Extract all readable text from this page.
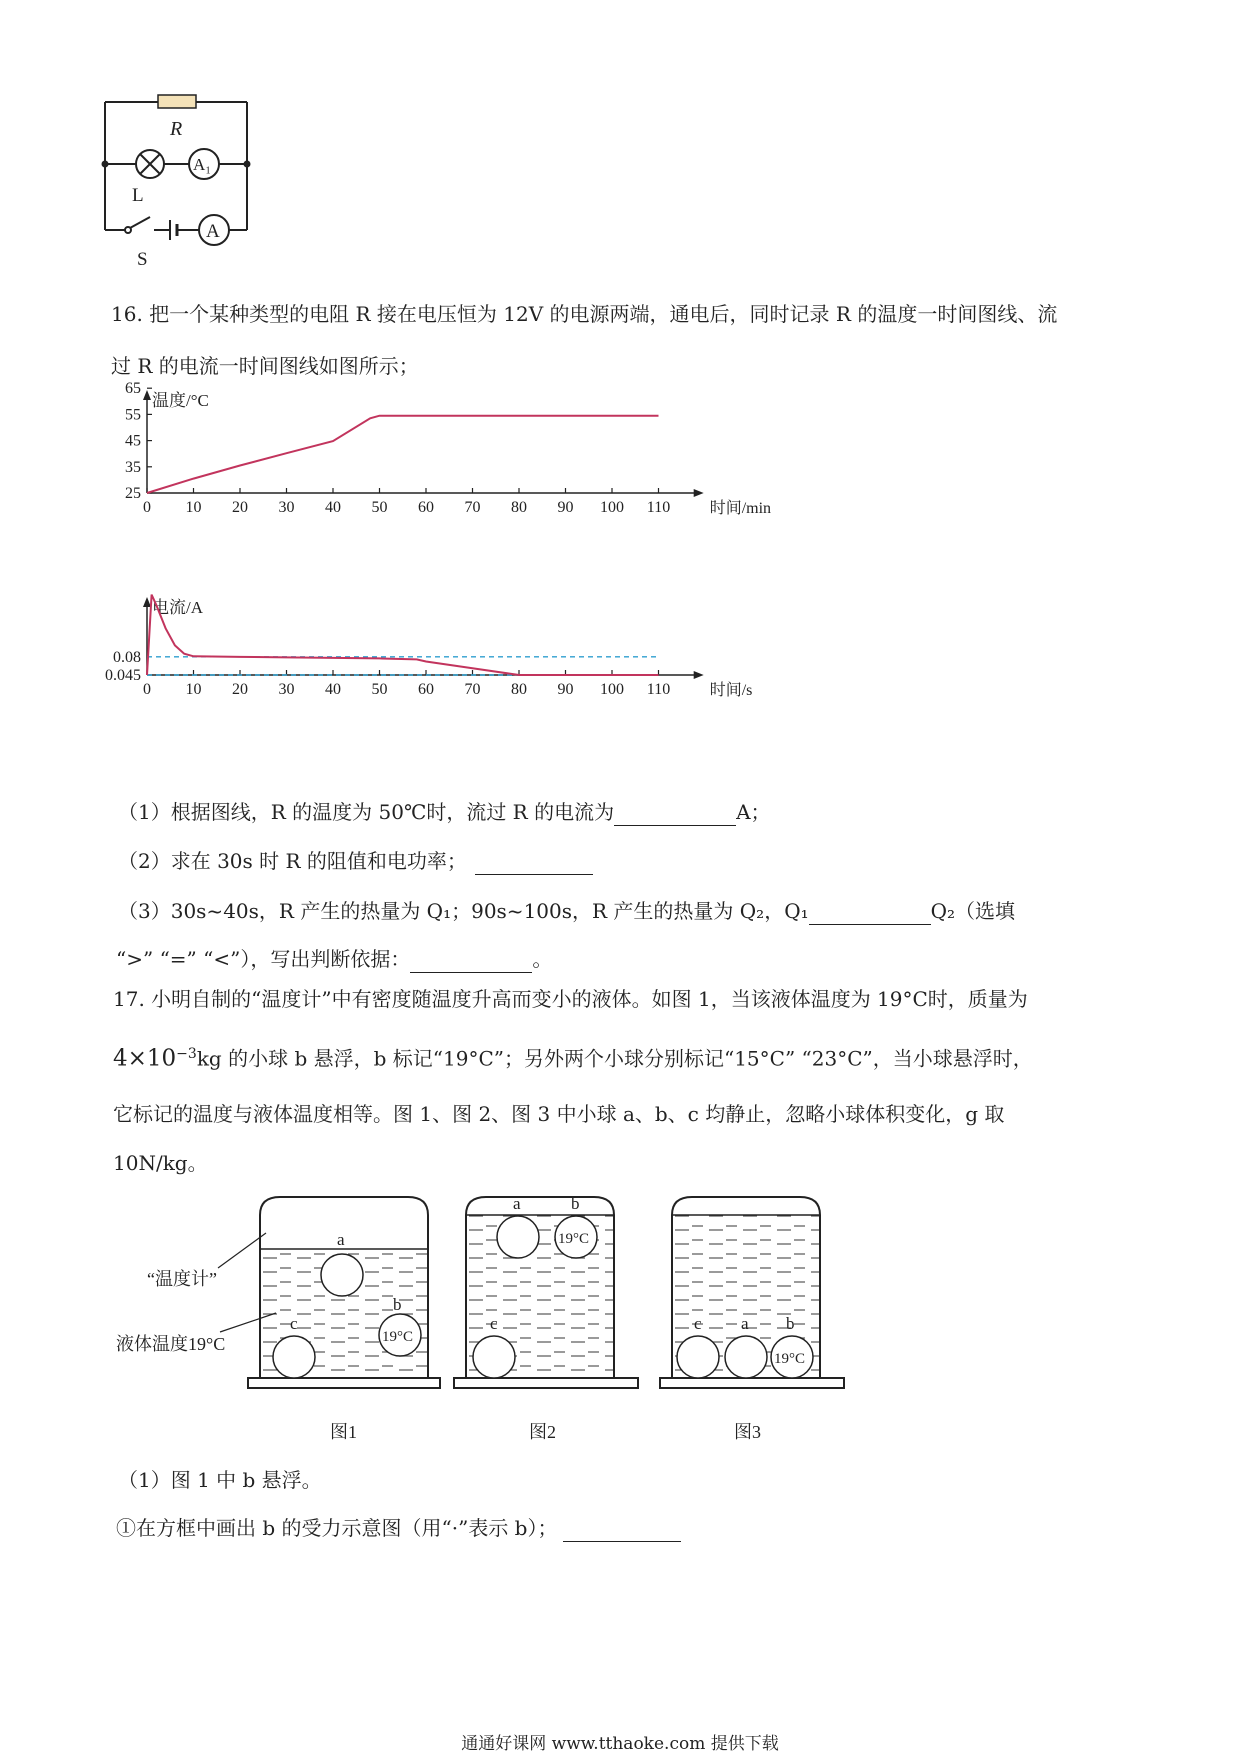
R
L
A₁
A
S
16. 把一个某种类型的电阻 R 接在电压恒为 12V 的电源两端，通电后，同时记录 R 的温度一时间图线、流
过 R 的电流一时间图线如图所示；
0 10 20 30 40 50 60 70 80 90 100 110 时间/min
温度/°C
25
35
45
55
65
0 10 20 30 40 50 60 70 80 90 100 110 时间/s
电流/A
0.08
0.045
（1）根据图线，R 的温度为 50℃时，流过 R 的电流为	A；
（2）求在 30s 时 R 的阻值和电功率；
（3）30s~40s，R 产生的热量为 Q₁；90s~100s，R 产生的热量为 Q₂，Q₁	Q₂（选填
“>” “=” “<”），写出判断依据：	。
17. 小明自制的“温度计”中有密度随温度升高而变小的液体。如图 1，当该液体温度为 19°C时，质量为
$4\times 10^{-3}kg$ 的小球 b 悬浮，b 标记“19°C”；另外两个小球分别标记“15°C” “23°C”，当小球悬浮时，
它标记的温度与液体温度相等。图 1、图 2、图 3 中小球 a、b、c 均静止，忽略小球体积变化，g 取
10N/kg。
a
b
19°C
c
图1
“温度计”
液体温度19°C
a	b
19°C
c
图2
c a b
19°C
图3
（1）图 1 中 b 悬浮。
①在方框中画出 b 的受力示意图（用“·”表示 b）；
通通好课网 www.tthaoke.com 提供下载
